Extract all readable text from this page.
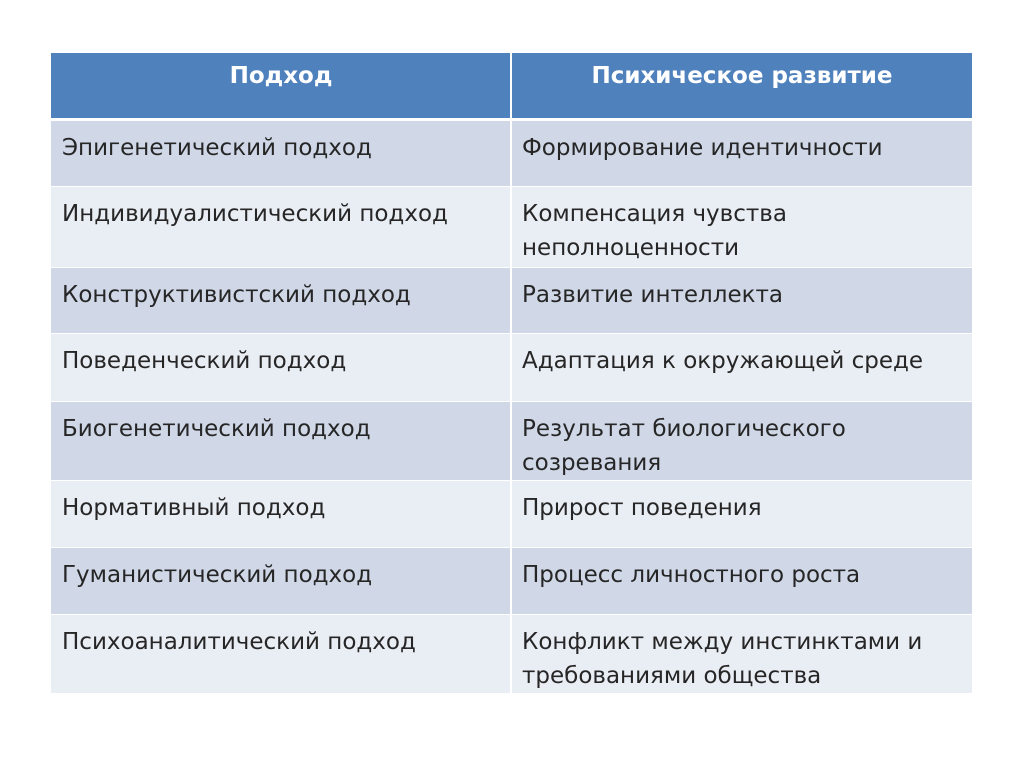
Подход	Психическое развитие
Эпигенетический подход	Формирование идентичности
Индивидуалистический подход	Компенсация чувства неполноценности
Конструктивистский подход	Развитие интеллекта
Поведенческий подход	Адаптация к окружающей среде
Биогенетический подход	Результат биологического созревания
Нормативный подход	Прирост поведения
Гуманистический подход	Процесс личностного роста
Психоаналитический подход	Конфликт между инстинктами и требованиями общества
